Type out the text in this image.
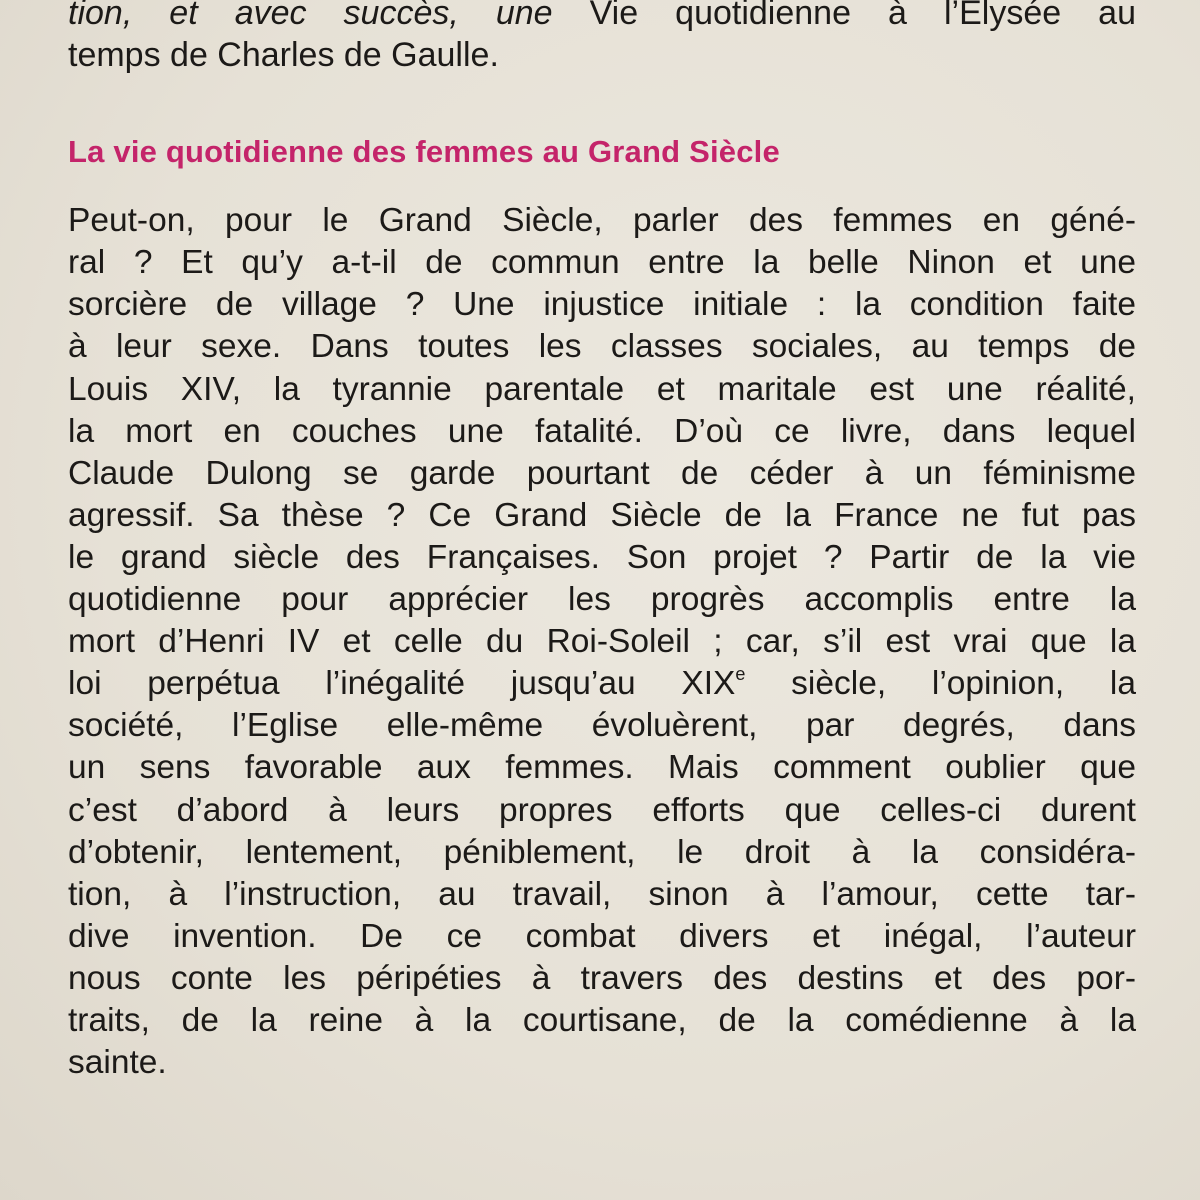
tion, et avec succès, une Vie quotidienne à l’Elysée au
temps de Charles de Gaulle.

La vie quotidienne des femmes au Grand Siècle

Peut-on, pour le Grand Siècle, parler des femmes en géné-
ral ? Et qu’y a-t-il de commun entre la belle Ninon et une
sorcière de village ? Une injustice initiale : la condition faite
à leur sexe. Dans toutes les classes sociales, au temps de
Louis XIV, la tyrannie parentale et maritale est une réalité,
la mort en couches une fatalité. D’où ce livre, dans lequel
Claude Dulong se garde pourtant de céder à un féminisme
agressif. Sa thèse ? Ce Grand Siècle de la France ne fut pas
le grand siècle des Françaises. Son projet ? Partir de la vie
quotidienne pour apprécier les progrès accomplis entre la
mort d’Henri IV et celle du Roi-Soleil ; car, s’il est vrai que la
loi perpétua l’inégalité jusqu’au XIXe siècle, l’opinion, la
société, l’Eglise elle-même évoluèrent, par degrés, dans
un sens favorable aux femmes. Mais comment oublier que
c’est d’abord à leurs propres efforts que celles-ci durent
d’obtenir, lentement, péniblement, le droit à la considéra-
tion, à l’instruction, au travail, sinon à l’amour, cette tar-
dive invention. De ce combat divers et inégal, l’auteur
nous conte les péripéties à travers des destins et des por-
traits, de la reine à la courtisane, de la comédienne à la
sainte.
